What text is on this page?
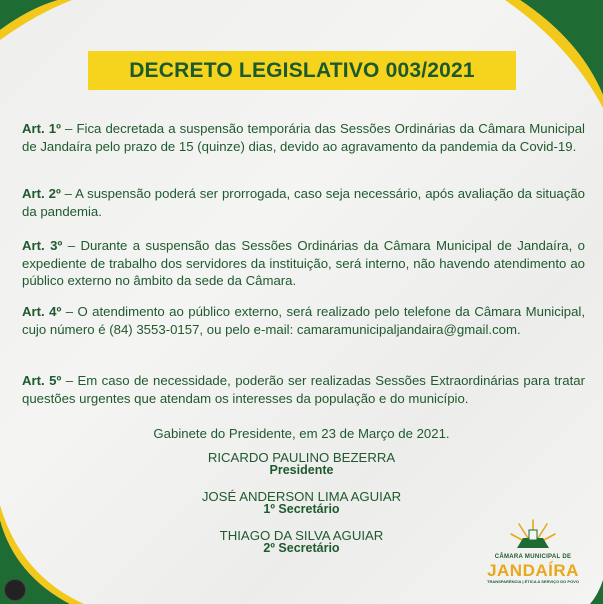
DECRETO LEGISLATIVO 003/2021
Art. 1º – Fica decretada a suspensão temporária das Sessões Ordinárias da Câmara Municipal de Jandaíra pelo prazo de 15 (quinze) dias, devido ao agravamento da pandemia da Covid-19.
Art. 2º – A suspensão poderá ser prorrogada, caso seja necessário, após avaliação da situação da pandemia.
Art. 3º – Durante a suspensão das Sessões Ordinárias da Câmara Municipal de Jandaíra, o expediente de trabalho dos servidores da instituição, será interno, não havendo atendimento ao público externo no âmbito da sede da Câmara.
Art. 4º – O atendimento ao público externo, será realizado pelo telefone da Câmara Municipal, cujo número é (84) 3553-0157, ou pelo e-mail: camaramunicipaljandaira@gmail.com.
Art. 5º – Em caso de necessidade, poderão ser realizadas Sessões Extraordinárias para tratar questões urgentes que atendam os interesses da população e do município.
Gabinete do Presidente, em 23 de Março de 2021.
RICARDO PAULINO BEZERRA
Presidente
JOSÉ ANDERSON LIMA AGUIAR
1º Secretário
THIAGO DA SILVA AGUIAR
2º Secretário
CÂMARA MUNICIPAL DE
JANDAÍRA
TRANSPARÊNCIA | ÉTICA A SERVIÇO DO POVO
